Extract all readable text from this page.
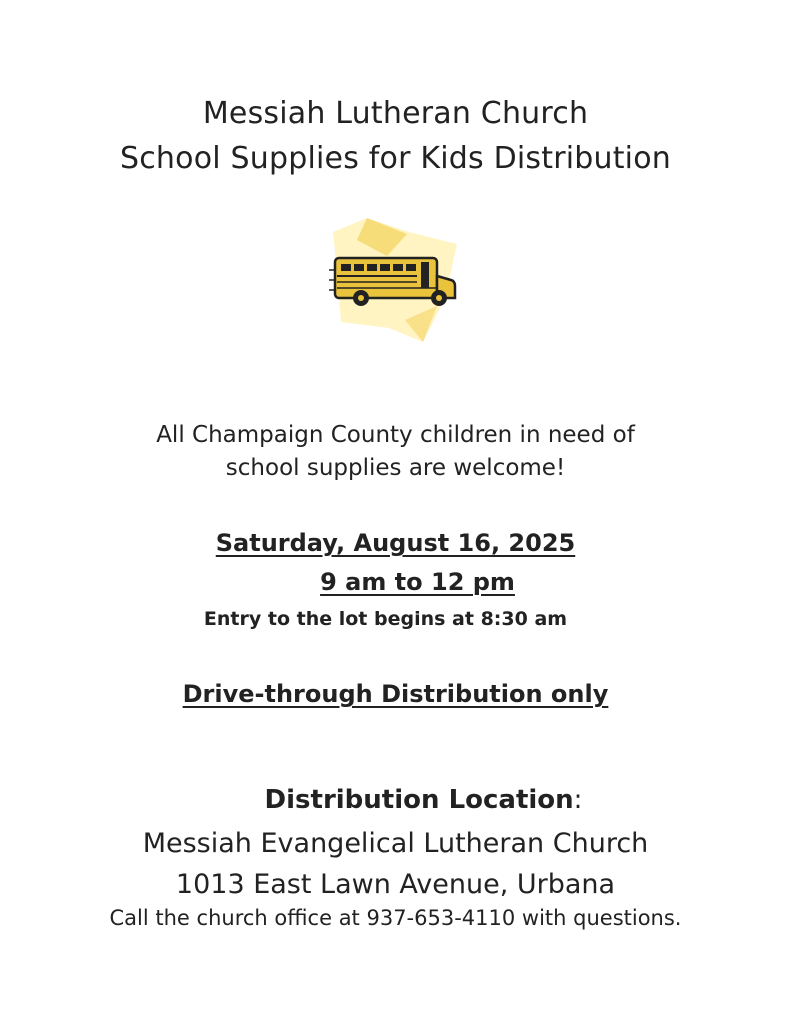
Messiah Lutheran Church
School Supplies for Kids Distribution
All Champaign County children in need of
school supplies are welcome!
Saturday, August 16, 2025
9 am to 12 pm
Entry to the lot begins at 8:30 am
Drive-through Distribution only
Distribution Location:
Messiah Evangelical Lutheran Church
1013 East Lawn Avenue, Urbana
Call the church office at 937-653-4110 with questions.
